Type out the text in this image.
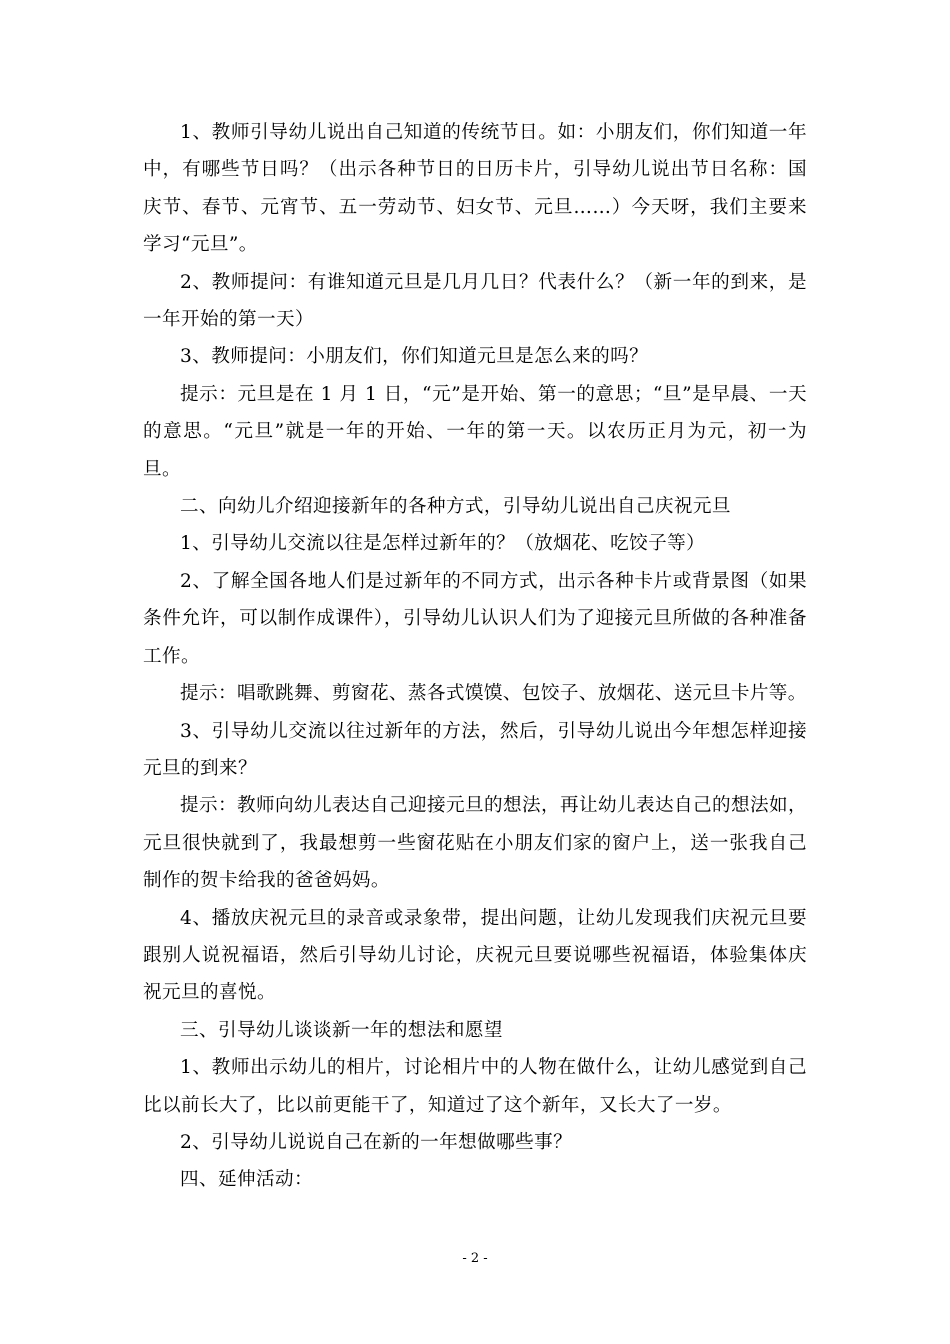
1、教师引导幼儿说出自己知道的传统节日。如：小朋友们，你们知道一年中，有哪些节日吗？（出示各种节日的日历卡片，引导幼儿说出节日名称：国庆节、春节、元宵节、五一劳动节、妇女节、元旦……）今天呀，我们主要来学习“元旦”。

2、教师提问：有谁知道元旦是几月几日？代表什么？（新一年的到来，是一年开始的第一天）

3、教师提问：小朋友们，你们知道元旦是怎么来的吗？

提示：元旦是在 1 月 1 日，“元”是开始、第一的意思；“旦”是早晨、一天的意思。“元旦”就是一年的开始、一年的第一天。以农历正月为元，初一为旦。

二、向幼儿介绍迎接新年的各种方式，引导幼儿说出自己庆祝元旦

1、引导幼儿交流以往是怎样过新年的？（放烟花、吃饺子等）

2、了解全国各地人们是过新年的不同方式，出示各种卡片或背景图（如果条件允许，可以制作成课件），引导幼儿认识人们为了迎接元旦所做的各种准备工作。

提示：唱歌跳舞、剪窗花、蒸各式馍馍、包饺子、放烟花、送元旦卡片等。

3、引导幼儿交流以往过新年的方法，然后，引导幼儿说出今年想怎样迎接元旦的到来？

提示：教师向幼儿表达自己迎接元旦的想法，再让幼儿表达自己的想法如，元旦很快就到了，我最想剪一些窗花贴在小朋友们家的窗户上，送一张我自己制作的贺卡给我的爸爸妈妈。

4、播放庆祝元旦的录音或录象带，提出问题，让幼儿发现我们庆祝元旦要跟别人说祝福语，然后引导幼儿讨论，庆祝元旦要说哪些祝福语，体验集体庆祝元旦的喜悦。

三、引导幼儿谈谈新一年的想法和愿望

1、教师出示幼儿的相片，讨论相片中的人物在做什么，让幼儿感觉到自己比以前长大了，比以前更能干了，知道过了这个新年，又长大了一岁。

2、引导幼儿说说自己在新的一年想做哪些事？

四、延伸活动：

- 2 -
